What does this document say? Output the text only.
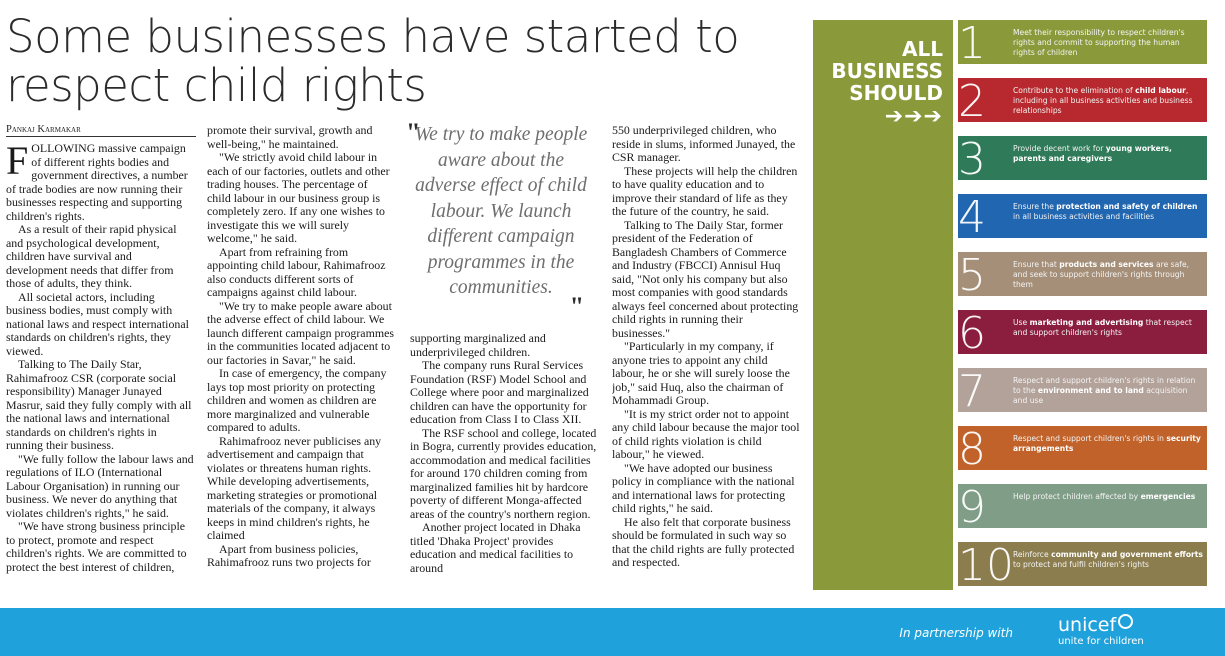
Some businesses have started to respect child rights
Pankaj Karmakar

FOLLOWING massive campaign of different rights bodies and government directives, a number of trade bodies are now running their businesses respecting and supporting children's rights.

As a result of their rapid physical and psychological development, children have survival and development needs that differ from those of adults, they think.

All societal actors, including business bodies, must comply with national laws and respect international standards on children's rights, they viewed.

Talking to The Daily Star, Rahimafrooz CSR (corporate social responsibility) Manager Junayed Masrur, said they fully comply with all the national laws and international standards on children's rights in running their business.

"We fully follow the labour laws and regulations of ILO (International Labour Organisation) in running our business. We never do anything that violates children's rights," he said.

"We have strong business principle to protect, promote and respect children's rights. We are committed to protect the best interest of children,

promote their survival, growth and well-being," he maintained.

"We strictly avoid child labour in each of our factories, outlets and other trading houses. The percentage of child labour in our business group is completely zero. If any one wishes to investigate this we will surely welcome," he said.

Apart from refraining from appointing child labour, Rahimafrooz also conducts different sorts of campaigns against child labour.

"We try to make people aware about the adverse effect of child labour. We launch different campaign programmes in the communities located adjacent to our factories in Savar," he said.

In case of emergency, the company lays top most priority on protecting children and women as children are more marginalized and vulnerable compared to adults.

Rahimafrooz never publicises any advertisement and campaign that violates or threatens human rights. While developing advertisements, marketing strategies or promotional materials of the company, it always keeps in mind children's rights, he claimed

Apart from business policies, Rahimafrooz runs two projects for

"
We try to make people aware about the adverse effect of child labour. We launch different campaign programmes in the communities.
"

supporting marginalized and underprivileged children.

The company runs Rural Services Foundation (RSF) Model School and College where poor and marginalized children can have the opportunity for education from Class I to Class XII.

The RSF school and college, located in Bogra, currently provides education, accommodation and medical facilities for around 170 children coming from marginalized families hit by hardcore poverty of different Monga-affected areas of the country's northern region.

Another project located in Dhaka titled 'Dhaka Project' provides education and medical facilities to around

550 underprivileged children, who reside in slums, informed Junayed, the CSR manager.

These projects will help the children to have quality education and to improve their standard of life as they the future of the country, he said.

Talking to The Daily Star, former president of the Federation of Bangladesh Chambers of Commerce and Industry (FBCCI) Annisul Huq said, "Not only his company but also most companies with good standards always feel concerned about protecting child rights in running their businesses."

"Particularly in my company, if anyone tries to appoint any child labour, he or she will surely loose the job," said Huq, also the chairman of Mohammadi Group.

"It is my strict order not to appoint any child labour because the major tool of child rights violation is child labour," he viewed.

"We have adopted our business policy in compliance with the national and international laws for protecting child rights," he said.

He also felt that corporate business should be formulated in such way so that the child rights are fully protected and respected.

ALL
BUSINESS
SHOULD
➔➔➔
1	Meet their responsibility to respect children's rights and commit to supporting the human rights of children
2	Contribute to the elimination of child labour, including in all business activities and business relationships
3	Provide decent work for young workers, parents and caregivers
4	Ensure the protection and safety of children in all business activities and facilities
5	Ensure that products and services are safe, and seek to support children's rights through them
6	Use marketing and advertising that respect and support children's rights
7	Respect and support children's rights in relation to the environment and to land acquisition and use
8	Respect and support children's rights in security arrangements
9	Help protect children affected by emergencies
10 Reinforce community and government efforts to protect and fulfil children's rights
In partnership with unicef
unite for children
